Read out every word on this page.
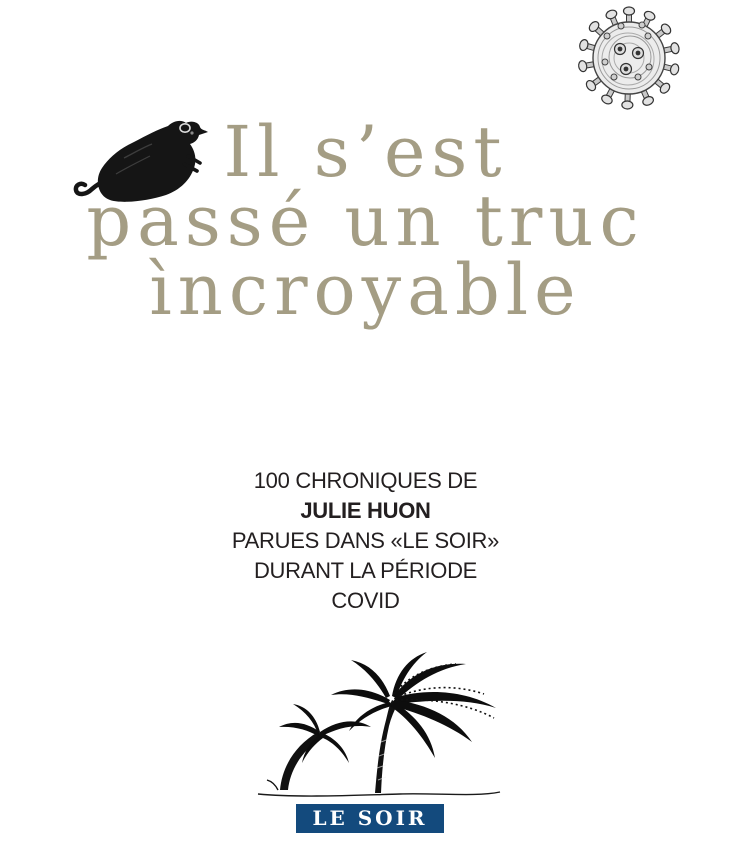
Il s’est
passé un truc
ìncroyable
100 CHRONIQUES DE
JULIE HUON
PARUES DANS «LE SOIR»
DURANT LA PÉRIODE
COVID
LE SOIR
